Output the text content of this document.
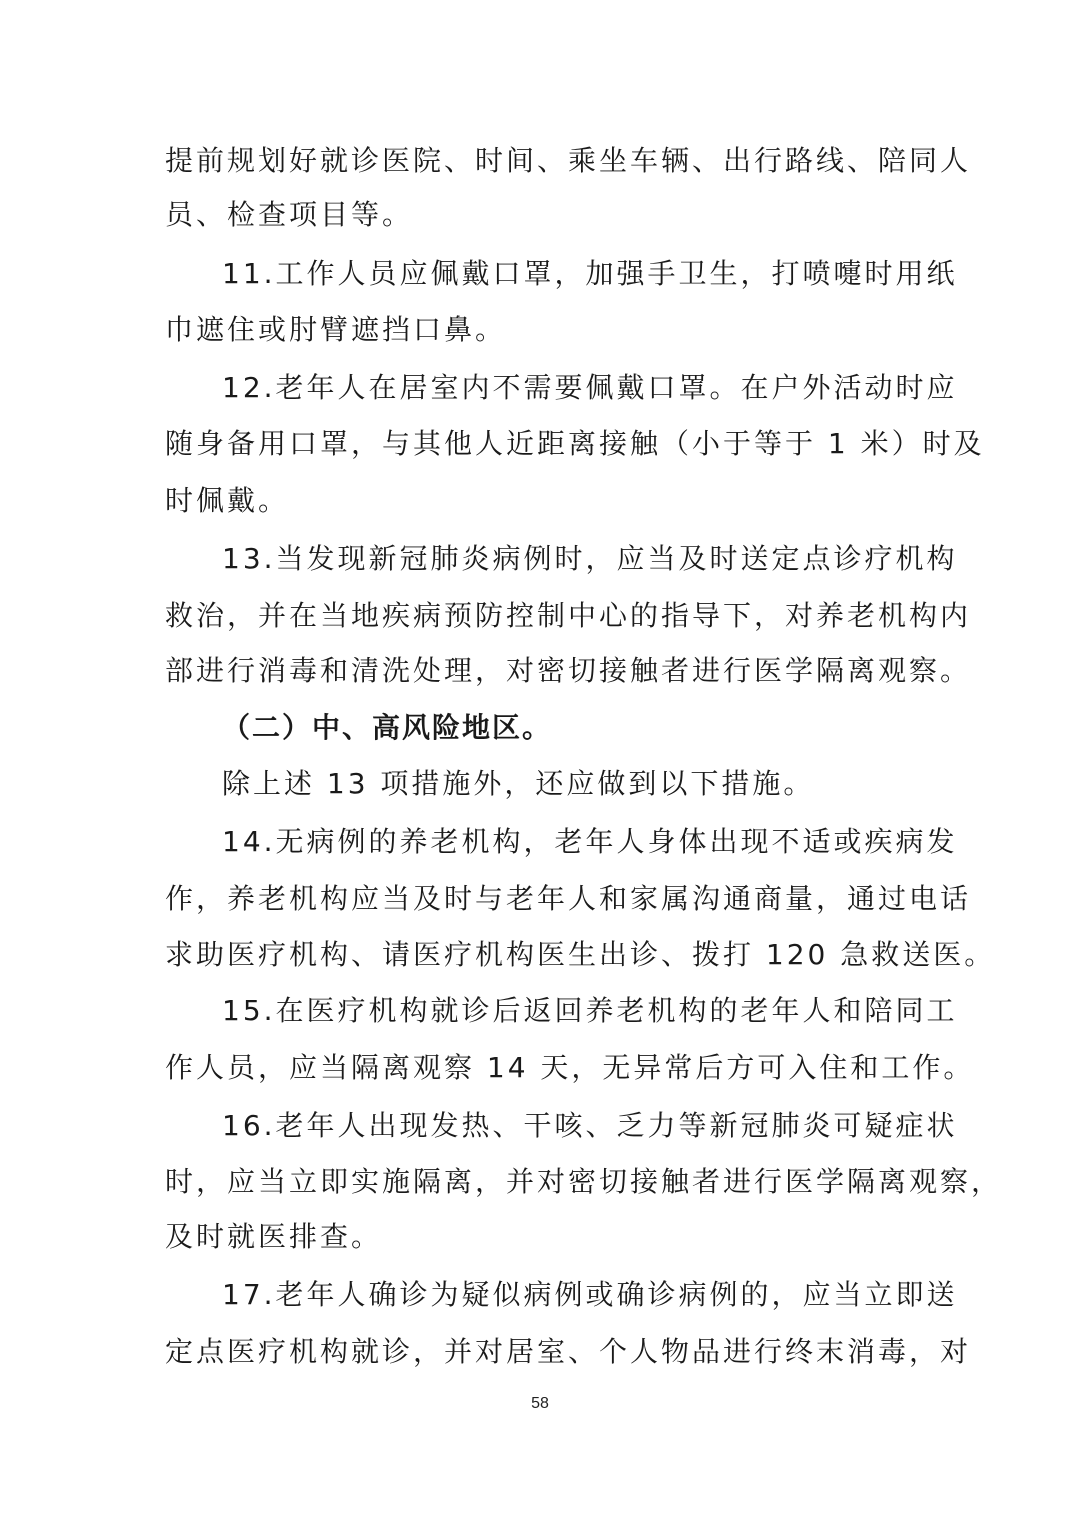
提前规划好就诊医院、时间、乘坐车辆、出行路线、陪同人
员、检查项目等。
11.工作人员应佩戴口罩，加强手卫生，打喷嚏时用纸
巾遮住或肘臂遮挡口鼻。
12.老年人在居室内不需要佩戴口罩。在户外活动时应
随身备用口罩，与其他人近距离接触（小于等于 1 米）时及
时佩戴。
13.当发现新冠肺炎病例时，应当及时送定点诊疗机构
救治，并在当地疾病预防控制中心的指导下，对养老机构内
部进行消毒和清洗处理，对密切接触者进行医学隔离观察。
（二）中、高风险地区。
除上述 13 项措施外，还应做到以下措施。
14.无病例的养老机构，老年人身体出现不适或疾病发
作，养老机构应当及时与老年人和家属沟通商量，通过电话
求助医疗机构、请医疗机构医生出诊、拨打 120 急救送医。
15.在医疗机构就诊后返回养老机构的老年人和陪同工
作人员，应当隔离观察 14 天，无异常后方可入住和工作。
16.老年人出现发热、干咳、乏力等新冠肺炎可疑症状
时，应当立即实施隔离，并对密切接触者进行医学隔离观察，
及时就医排查。
17.老年人确诊为疑似病例或确诊病例的，应当立即送
定点医疗机构就诊，并对居室、个人物品进行终末消毒，对
58
